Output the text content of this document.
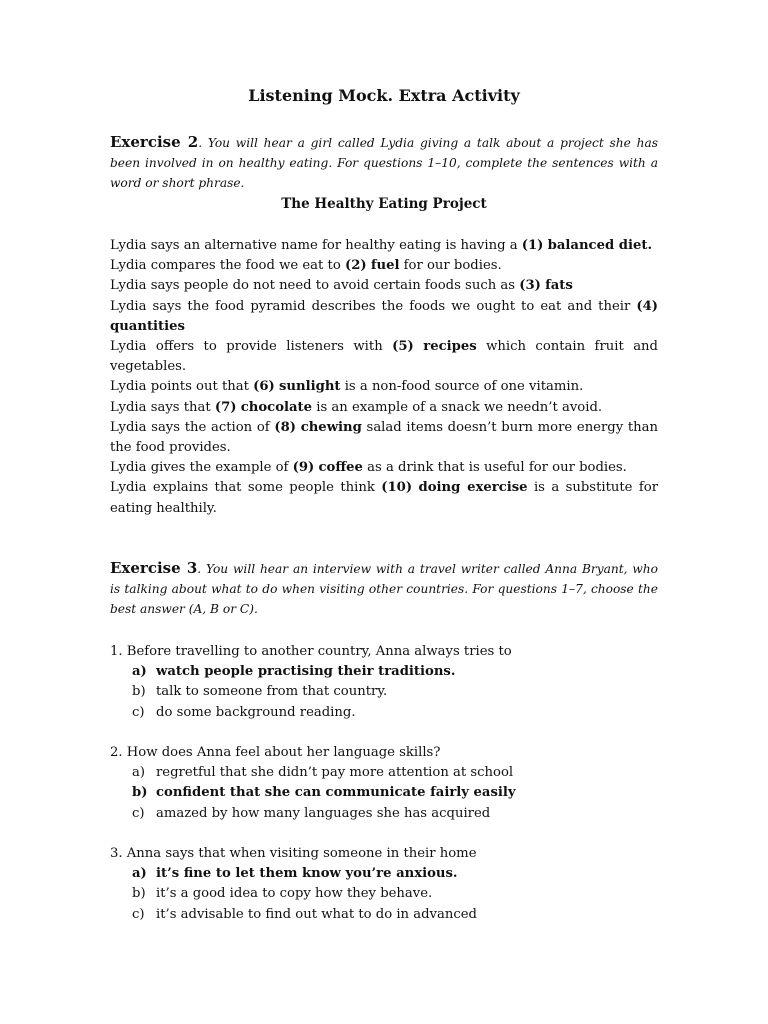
Listening Mock. Extra Activity
Exercise 2. You will hear a girl called Lydia giving a talk about a project she has been involved in on healthy eating. For questions 1–10, complete the sentences with a word or short phrase.
The Healthy Eating Project

Lydia says an alternative name for healthy eating is having a (1) balanced diet.

Lydia compares the food we eat to (2) fuel for our bodies.

Lydia says people do not need to avoid certain foods such as (3) fats

Lydia says the food pyramid describes the foods we ought to eat and their (4) quantities

Lydia offers to provide listeners with (5) recipes which contain fruit and vegetables.

Lydia points out that (6) sunlight is a non-food source of one vitamin.

Lydia says that (7) chocolate is an example of a snack we needn’t avoid.

Lydia says the action of (8) chewing salad items doesn’t burn more energy than the food provides.

Lydia gives the example of (9) coffee as a drink that is useful for our bodies.

Lydia explains that some people think (10) doing exercise is a substitute for eating healthily.

Exercise 3. You will hear an interview with a travel writer called Anna Bryant, who is talking about what to do when visiting other countries. For questions 1–7, choose the best answer (A, B or C).

1. Before travelling to another country, Anna always tries to

a) watch people practising their traditions.

b) talk to someone from that country.

c) do some background reading.

2. How does Anna feel about her language skills?

a) regretful that she didn’t pay more attention at school

b) confident that she can communicate fairly easily

c) amazed by how many languages she has acquired

3. Anna says that when visiting someone in their home

a) it’s fine to let them know you’re anxious.

b) it’s a good idea to copy how they behave.

c) it’s advisable to find out what to do in advanced
